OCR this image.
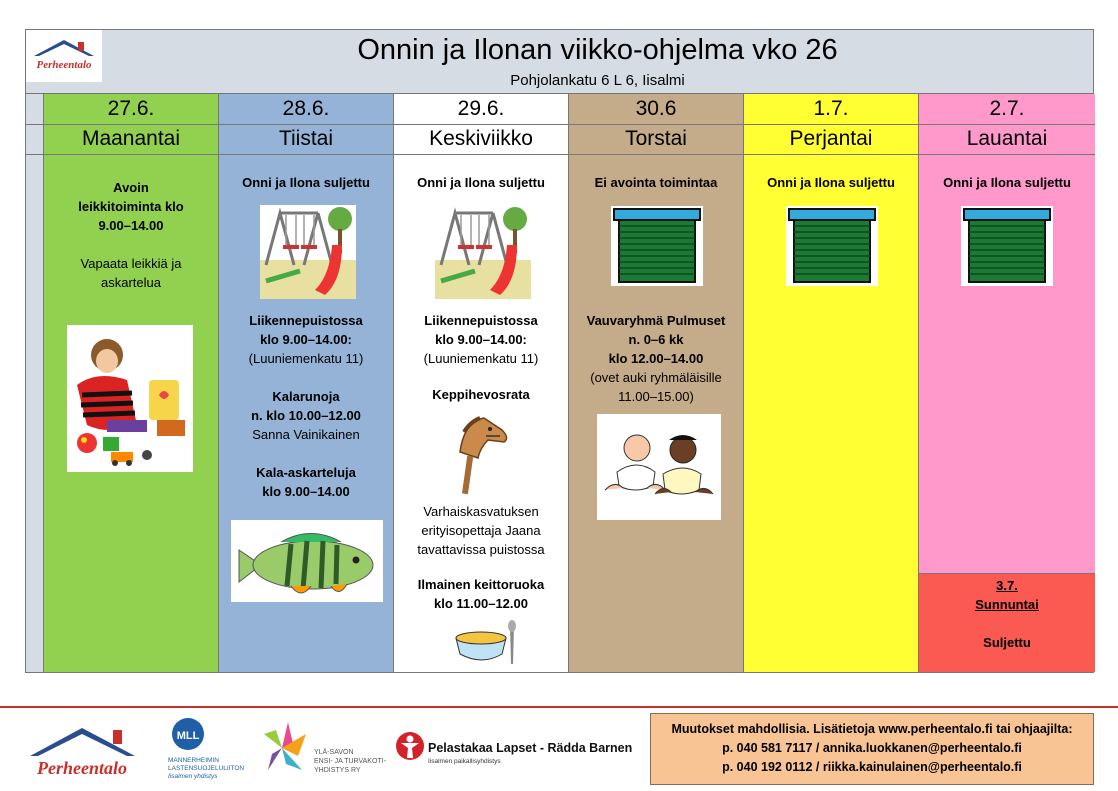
Perheentalo	Onnin ja Ilonan viikko-ohjelma vko 26
Pohjolankatu 6 L 6, Iisalmi
27.6.
Maanantai
Avoin leikkitoiminta klo 9.00–14.00
Vapaata leikkiä ja askartelua
28.6.
Tiistai
Onni ja Ilona suljettu
Liikennepuistossa
klo 9.00–14.00:
(Luuniemenkatu 11)
Kalarunoja
n. klo 10.00–12.00
Sanna Vainikainen
Kala-askarteluja
klo 9.00–14.00
29.6.
Keskiviikko
Onni ja Ilona suljettu
Liikennepuistossa
klo 9.00–14.00:
(Luuniemenkatu 11)
Keppihevosrata
Varhaiskasvatuksen erityisopettaja Jaana tavattavissa puistossa
Ilmainen keittoruoka
klo 11.00–12.00
30.6
Torstai
Ei avointa toimintaa
Vauvaryhmä Pulmuset
n. 0–6 kk
klo 12.00–14.00
(ovet auki ryhmäläisille 11.00–15.00)
1.7.
Perjantai
Onni ja Ilona suljettu
2.7.
Lauantai
Onni ja Ilona suljettu
3.7.
Sunnuntai
Suljettu
Perheentalo
MLL
MANNERHEIMIN
LASTENSUOJELULIITON
Iisalmen yhdistys
YLÄ-SAVON
ENSI- JA TURVAKOTI-
YHDISTYS RY
Pelastakaa Lapset - Rädda Barnen
Iisalmen paikallisyhdistys
Muutokset mahdollisia. Lisätietoja www.perheentalo.fi tai ohjaajilta:
p. 040 581 7117 / annika.luokkanen@perheentalo.fi
p. 040 192 0112 / riikka.kainulainen@perheentalo.fi
